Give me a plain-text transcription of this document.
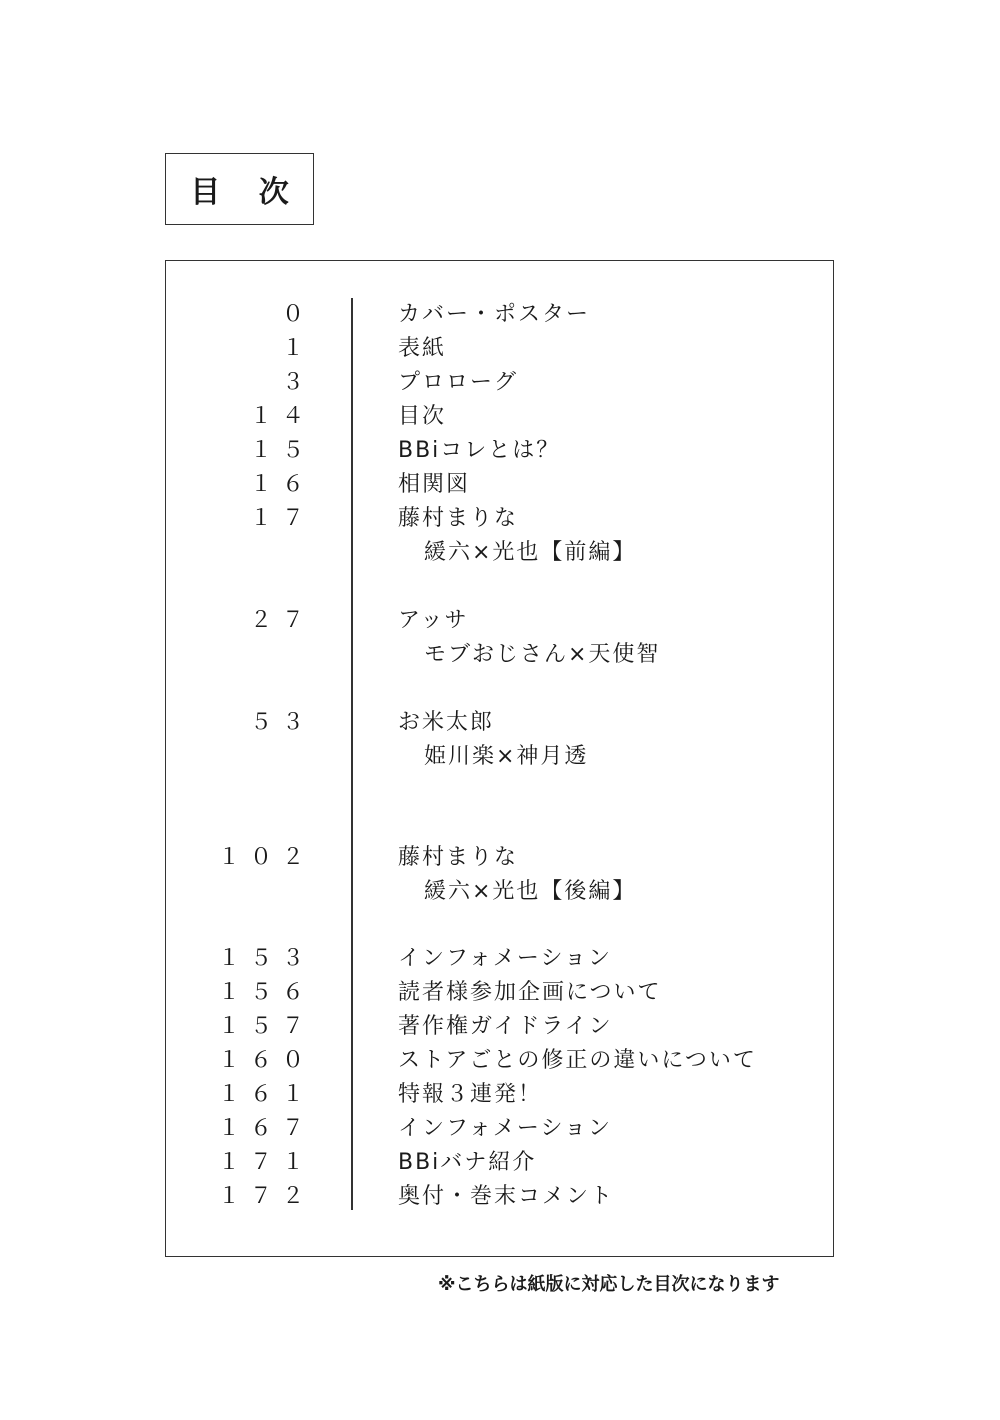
目 次
０	カバー・ポスター
１	表紙
３	プロローグ
１４	目次
１５	BBiコレとは？
１６	相関図
１７	藤村まりな
緩六×光也【前編】
２７	アッサ
モブおじさん×天使智
５３	お米太郎
姫川楽×神月透
１０２	藤村まりな
緩六×光也【後編】
１５３	インフォメーション
１５６	読者様参加企画について
１５７	著作権ガイドライン
１６０	ストアごとの修正の違いについて
１６１	特報３連発！
１６７	インフォメーション
１７１	BBiバナ紹介
１７２	奥付・巻末コメント
※こちらは紙版に対応した目次になります
